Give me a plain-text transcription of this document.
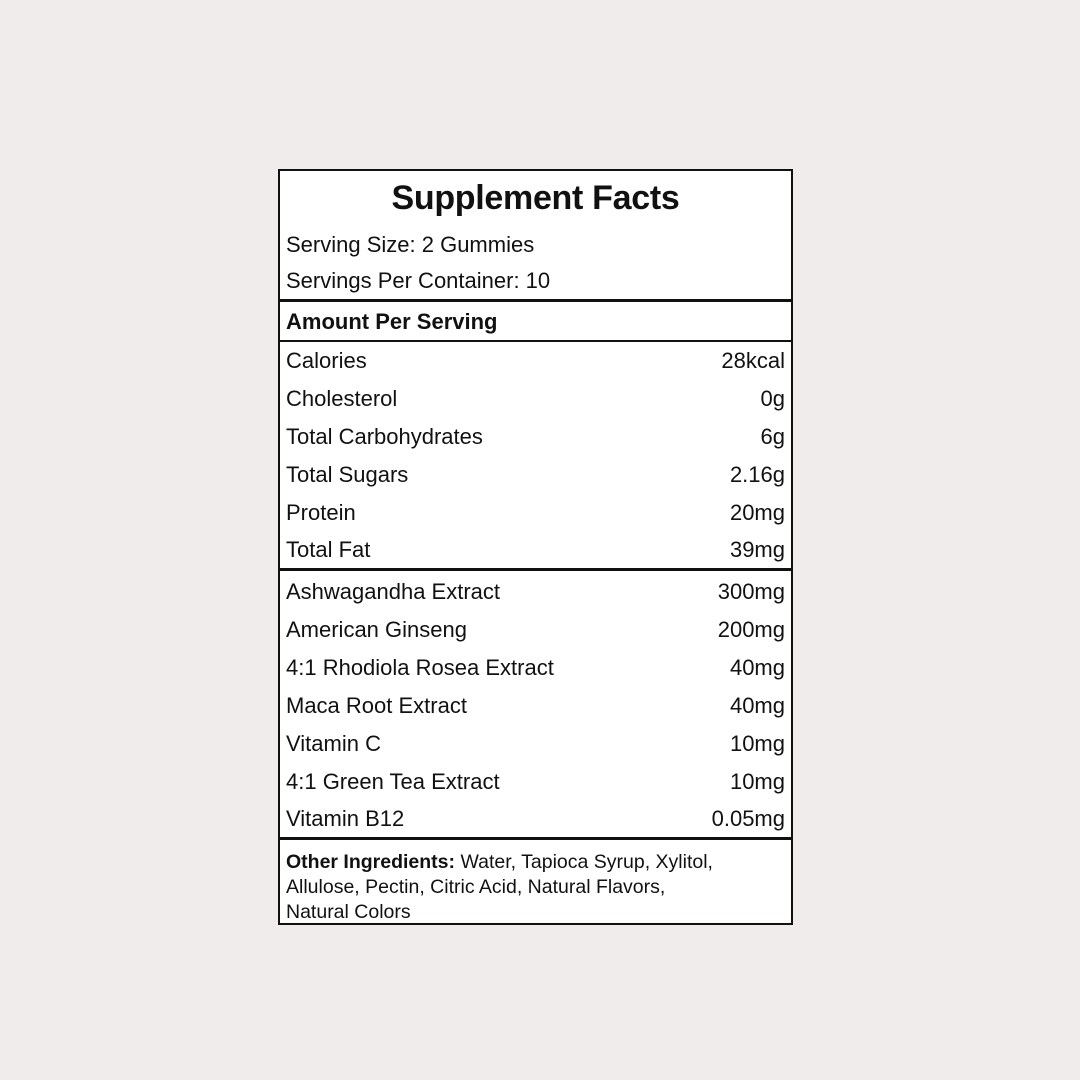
Supplement Facts
Serving Size: 2 Gummies
Servings Per Container: 10
Amount Per Serving
Calories	28kcal
Cholesterol	0g
Total Carbohydrates	6g
Total Sugars	2.16g
Protein	20mg
Total Fat	39mg
Ashwagandha Extract	300mg
American Ginseng	200mg
4:1 Rhodiola Rosea Extract	40mg
Maca Root Extract	40mg
Vitamin C	10mg
4:1 Green Tea Extract	10mg
Vitamin B12	0.05mg
Other Ingredients: Water, Tapioca Syrup, Xylitol,
Allulose, Pectin, Citric Acid, Natural Flavors,
Natural Colors
